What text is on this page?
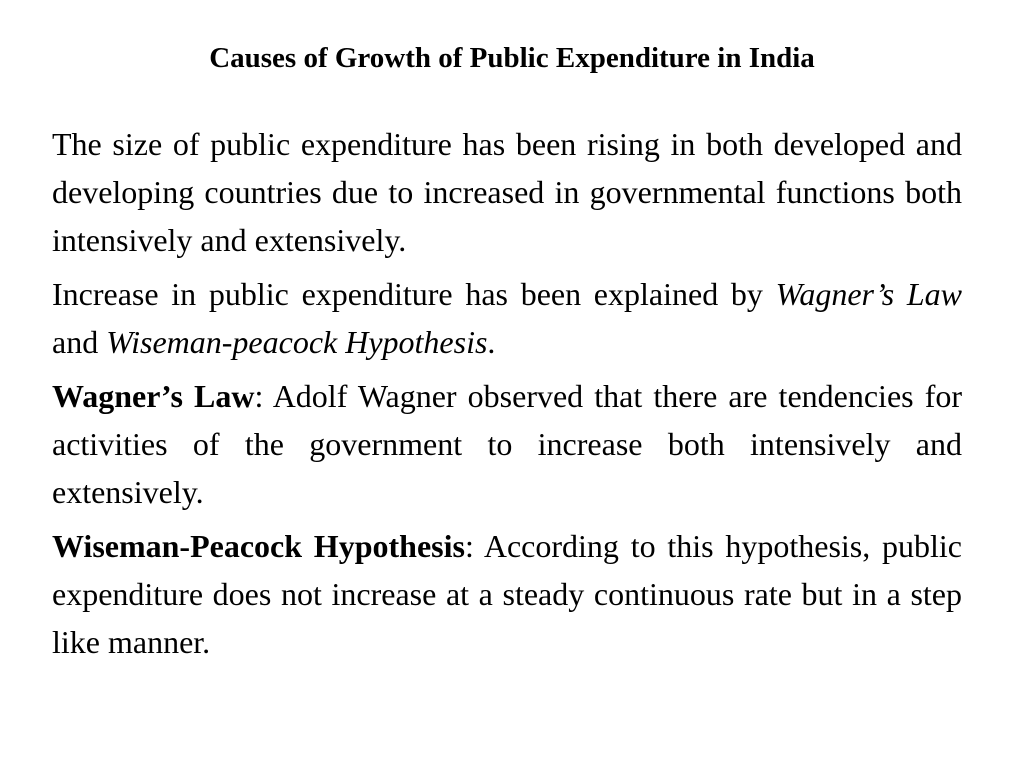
Causes of Growth of Public Expenditure in India

The size of public expenditure has been rising in both developed and developing countries due to increased in governmental functions both intensively and extensively.

Increase in public expenditure has been explained by Wagner’s Law and Wiseman-peacock Hypothesis.

Wagner’s Law: Adolf Wagner observed that there are tendencies for activities of the government to increase both intensively and extensively.

Wiseman-Peacock Hypothesis: According to this hypothesis, public expenditure does not increase at a steady continuous rate but in a step like manner.
